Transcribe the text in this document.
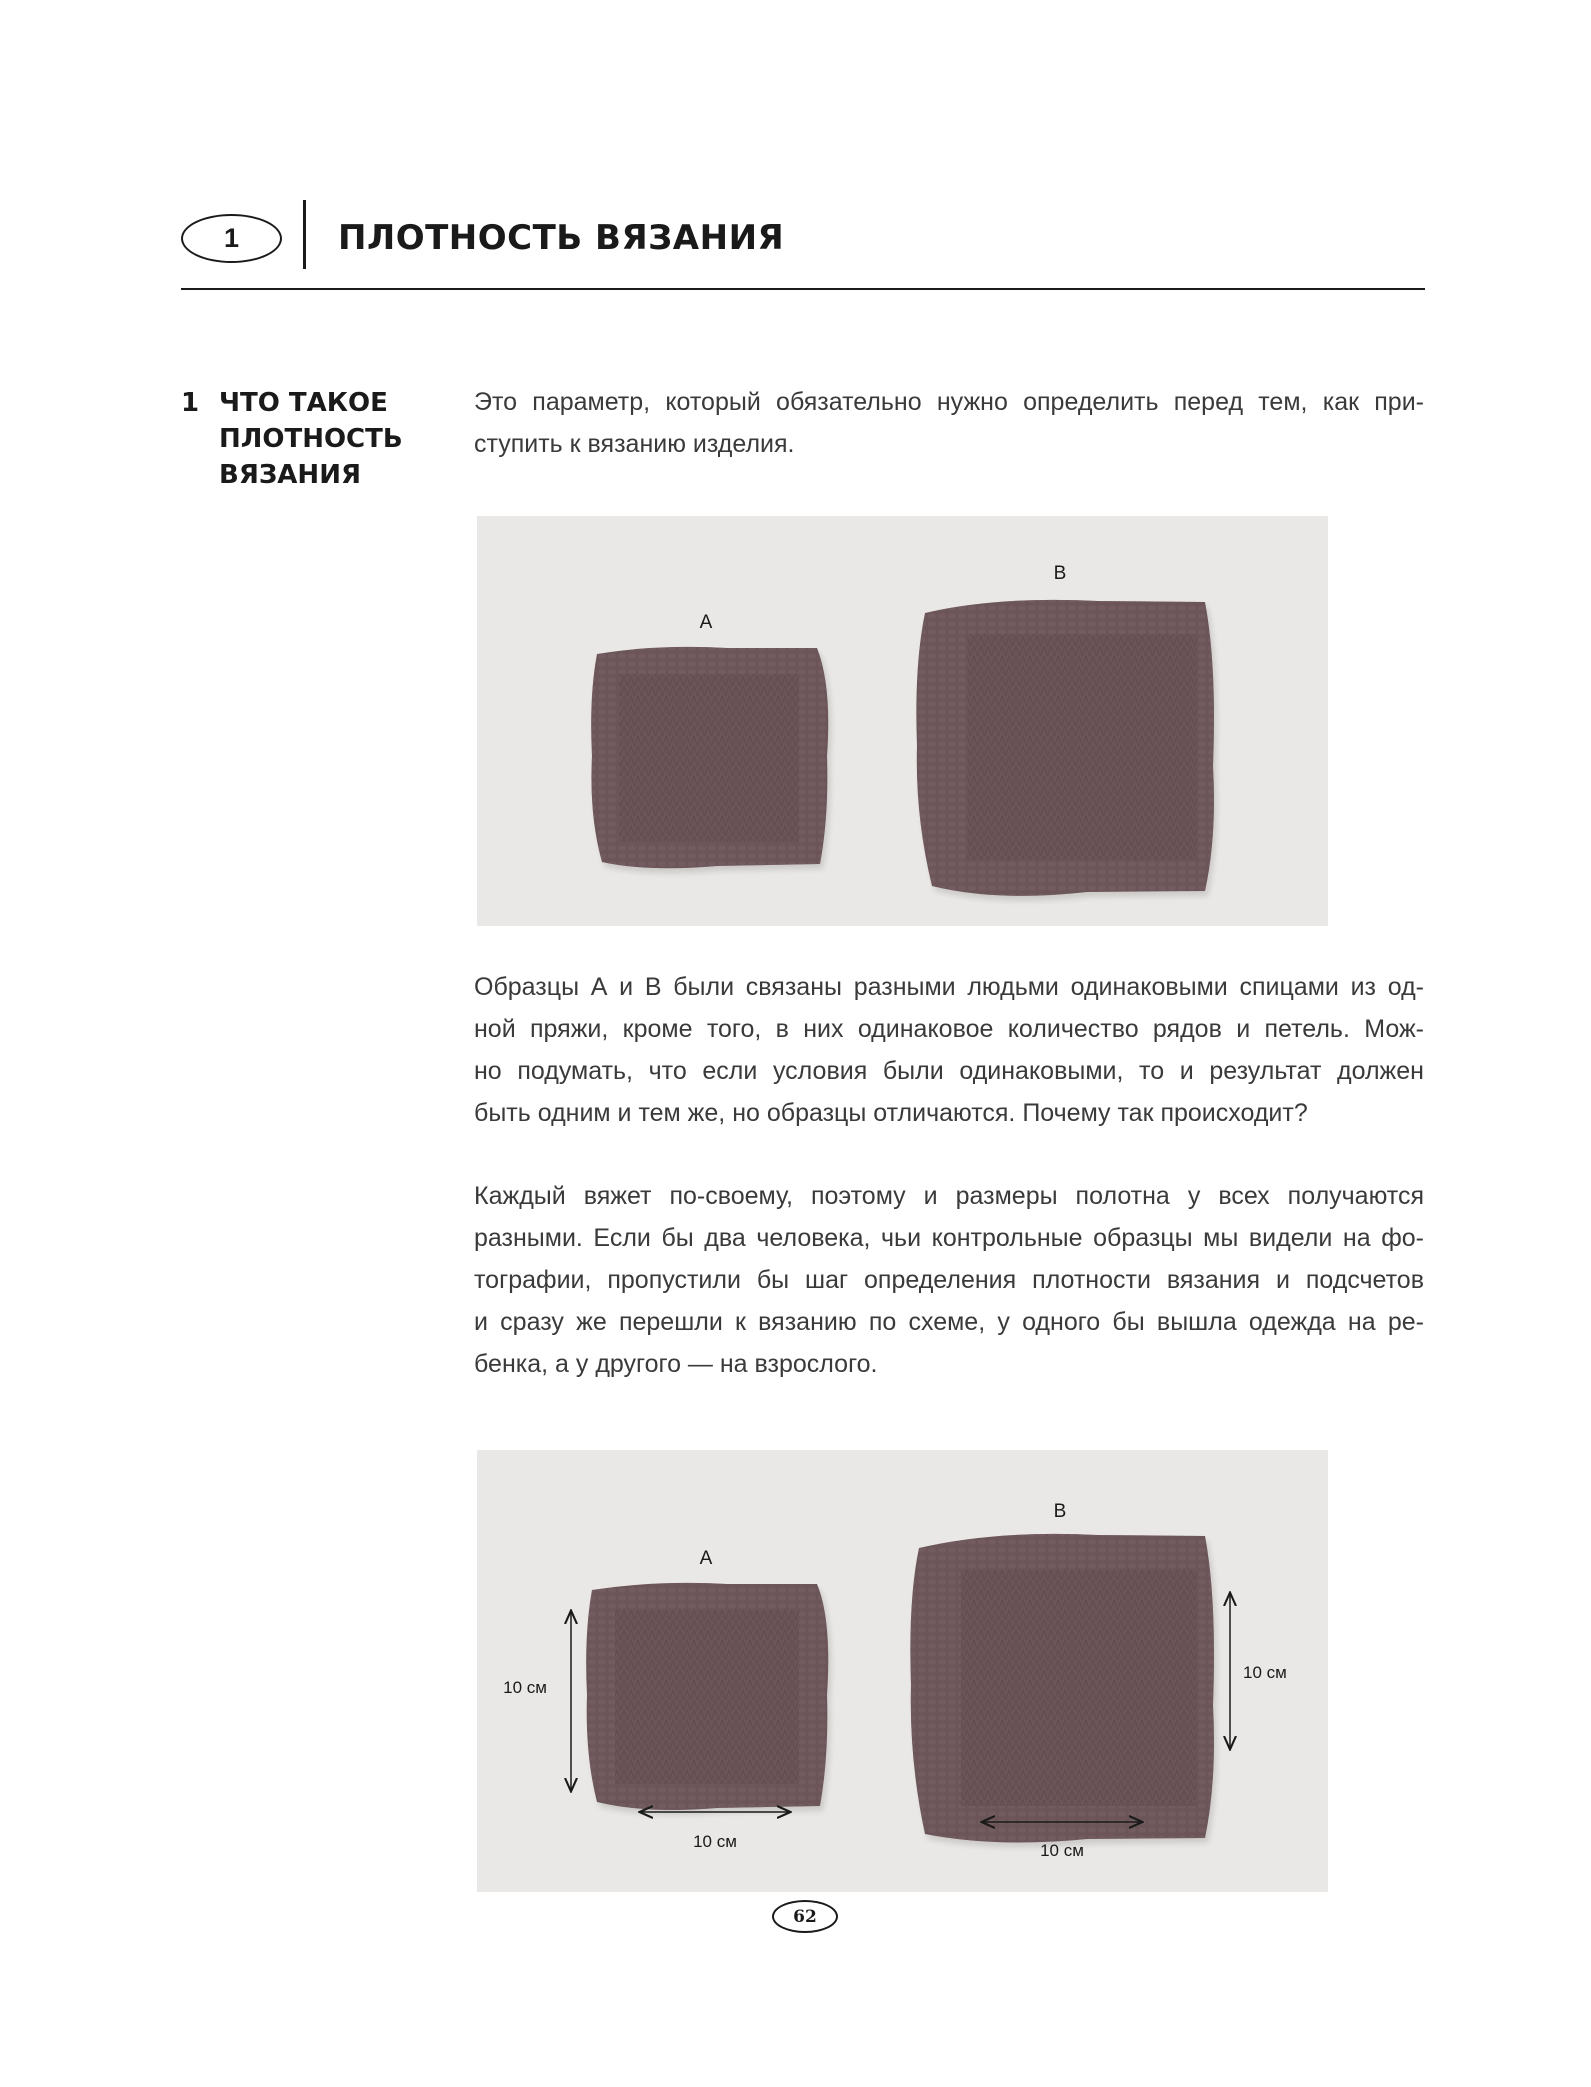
1	ПЛОТНОСТЬ ВЯЗАНИЯ
1 ЧТО ТАКОЕ
ПЛОТНОСТЬ
ВЯЗАНИЯ
Это параметр, который обязательно нужно определить перед тем, как при-
ступить к вязанию изделия.
A
B
Образцы А и В были связаны разными людьми одинаковыми спицами из од-
ной пряжи, кроме того, в них одинаковое количество рядов и петель. Мож-
но подумать, что если условия были одинаковыми, то и результат должен
быть одним и тем же, но образцы отличаются. Почему так происходит?
Каждый вяжет по-своему, поэтому и размеры полотна у всех получаются
разными. Если бы два человека, чьи контрольные образцы мы видели на фо-
тографии, пропустили бы шаг определения плотности вязания и подсчетов
и сразу же перешли к вязанию по схеме, у одного бы вышла одежда на ре-
бенка, а у другого — на взрослого.
A
B
10 см
10 см
10 см
10 см
62
